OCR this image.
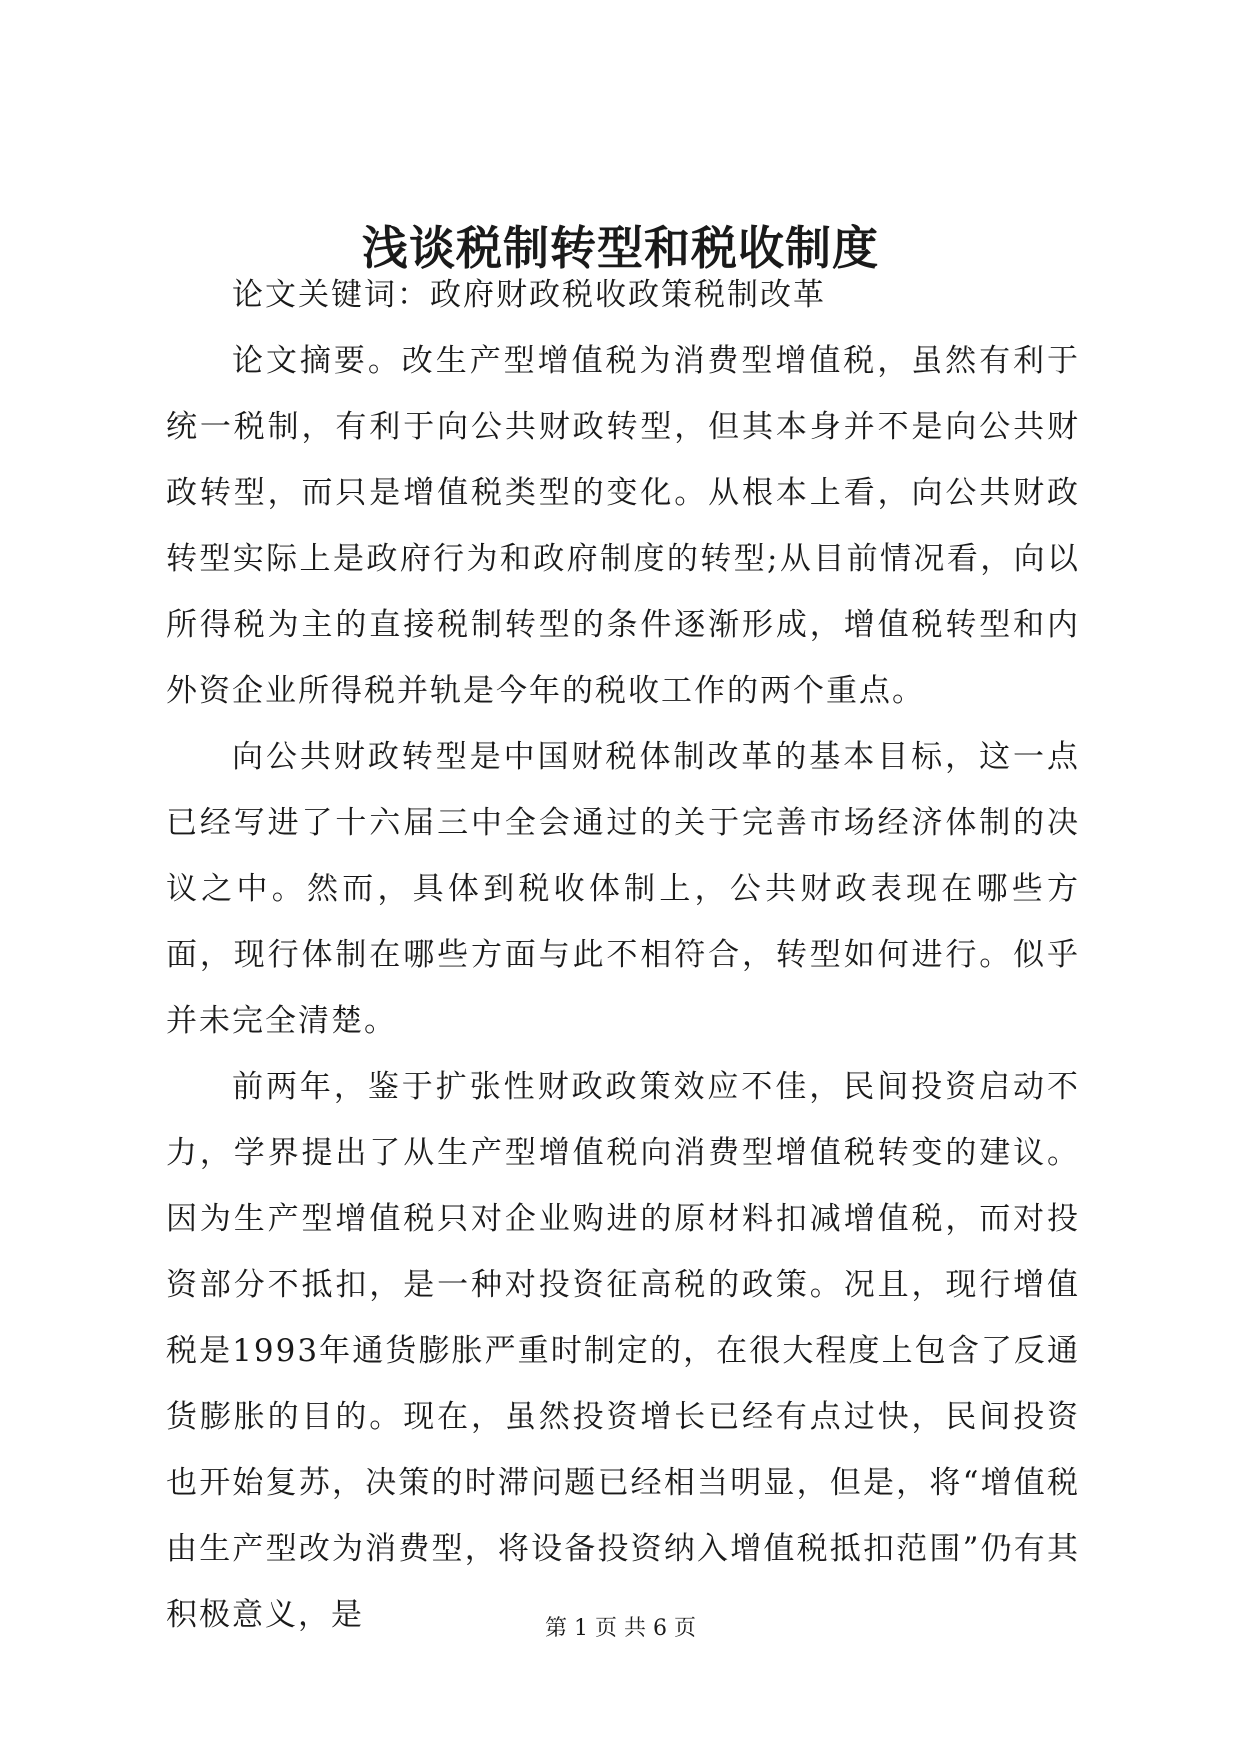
浅谈税制转型和税收制度

论文关键词：政府财政税收政策税制改革

论文摘要。改生产型增值税为消费型增值税，虽然有利于统一税制，有利于向公共财政转型，但其本身并不是向公共财政转型，而只是增值税类型的变化。从根本上看，向公共财政转型实际上是政府行为和政府制度的转型;从目前情况看，向以所得税为主的直接税制转型的条件逐渐形成，增值税转型和内外资企业所得税并轨是今年的税收工作的两个重点。

向公共财政转型是中国财税体制改革的基本目标，这一点已经写进了十六届三中全会通过的关于完善市场经济体制的决议之中。然而，具体到税收体制上，公共财政表现在哪些方面，现行体制在哪些方面与此不相符合，转型如何进行。似乎并未完全清楚。

前两年，鉴于扩张性财政政策效应不佳，民间投资启动不力，学界提出了从生产型增值税向消费型增值税转变的建议。因为生产型增值税只对企业购进的原材料扣减增值税，而对投资部分不抵扣，是一种对投资征高税的政策。况且，现行增值税是1993年通货膨胀严重时制定的，在很大程度上包含了反通货膨胀的目的。现在，虽然投资增长已经有点过快，民间投资也开始复苏，决策的时滞问题已经相当明显，但是，将“增值税由生产型改为消费型，将设备投资纳入增值税抵扣范围”仍有其积极意义，是	第 1 页 共 6 页
